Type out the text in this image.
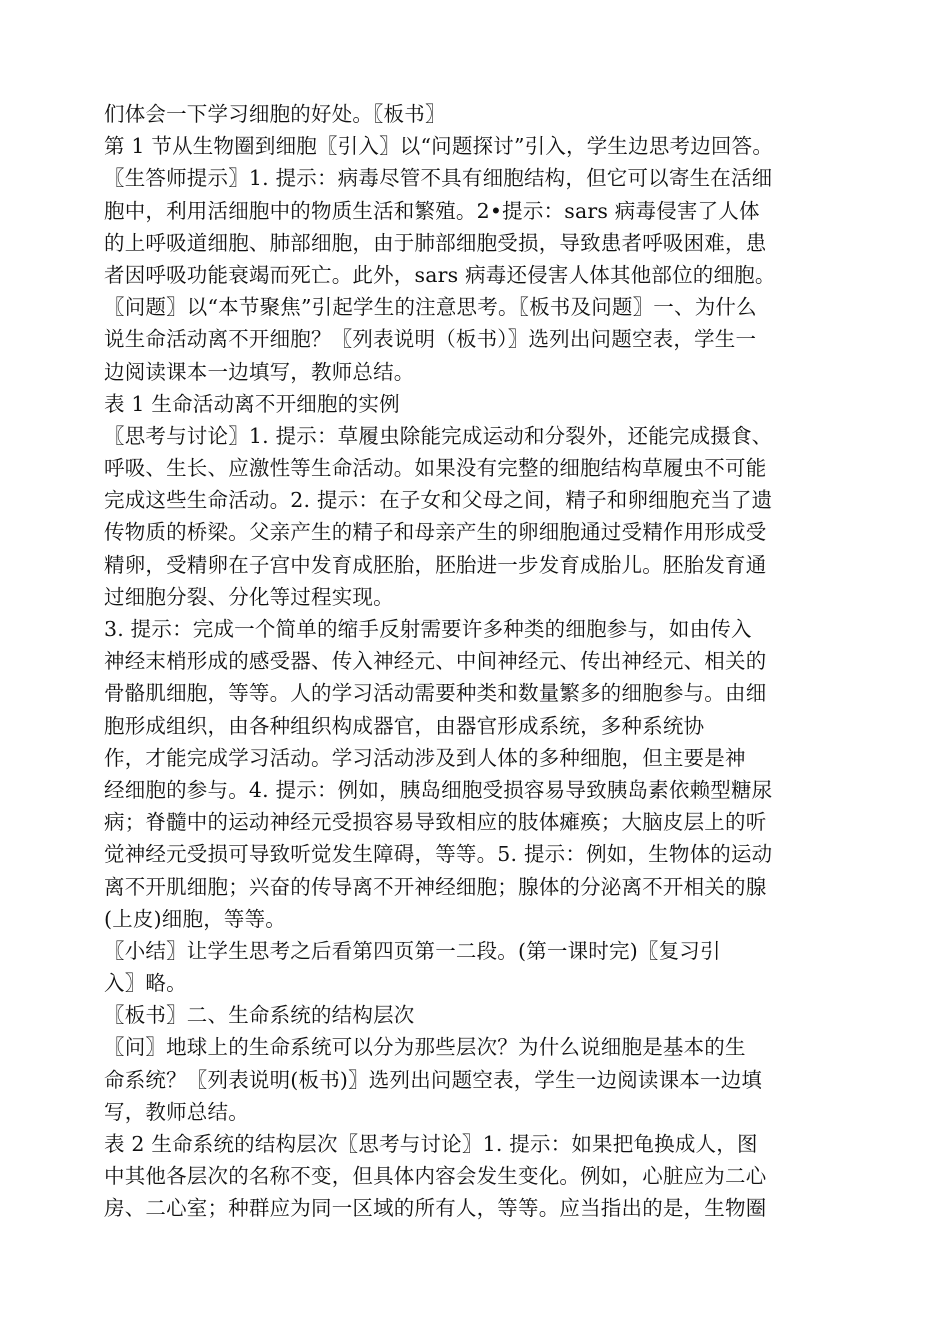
们体会一下学习细胞的好处。〖板书〗
第 1 节从生物圈到细胞〖引入〗以“问题探讨”引入，学生边思考边回答。
〖生答师提示〗1. 提示：病毒尽管不具有细胞结构，但它可以寄生在活细
胞中，利用活细胞中的物质生活和繁殖。2•提示：sars 病毒侵害了人体
的上呼吸道细胞、肺部细胞，由于肺部细胞受损，导致患者呼吸困难，患
者因呼吸功能衰竭而死亡。此外，sars 病毒还侵害人体其他部位的细胞。
〖问题〗以“本节聚焦”引起学生的注意思考。〖板书及问题〗一、为什么
说生命活动离不开细胞？〖列表说明（板书）〗选列出问题空表，学生一
边阅读课本一边填写，教师总结。
表 1 生命活动离不开细胞的实例
〖思考与讨论〗1. 提示：草履虫除能完成运动和分裂外，还能完成摄食、
呼吸、生长、应激性等生命活动。如果没有完整的细胞结构草履虫不可能
完成这些生命活动。2. 提示：在子女和父母之间，精子和卵细胞充当了遗
传物质的桥梁。父亲产生的精子和母亲产生的卵细胞通过受精作用形成受
精卵，受精卵在子宫中发育成胚胎，胚胎进一步发育成胎儿。胚胎发育通
过细胞分裂、分化等过程实现。
3. 提示：完成一个简单的缩手反射需要许多种类的细胞参与，如由传入
神经末梢形成的感受器、传入神经元、中间神经元、传出神经元、相关的
骨骼肌细胞，等等。人的学习活动需要种类和数量繁多的细胞参与。由细
胞形成组织，由各种组织构成器官，由器官形成系统，多种系统协
作，才能完成学习活动。学习活动涉及到人体的多种细胞，但主要是神
经细胞的参与。4. 提示：例如，胰岛细胞受损容易导致胰岛素依赖型糖尿
病；脊髓中的运动神经元受损容易导致相应的肢体瘫痪；大脑皮层上的听
觉神经元受损可导致听觉发生障碍，等等。5. 提示：例如，生物体的运动
离不开肌细胞；兴奋的传导离不开神经细胞；腺体的分泌离不开相关的腺
(上皮)细胞，等等。
〖小结〗让学生思考之后看第四页第一二段。(第一课时完)〖复习引
入〗略。
〖板书〗二、生命系统的结构层次
〖问〗地球上的生命系统可以分为那些层次？为什么说细胞是基本的生
命系统？〖列表说明(板书)〗选列出问题空表，学生一边阅读课本一边填
写，教师总结。
表 2 生命系统的结构层次〖思考与讨论〗1. 提示：如果把龟换成人，图
中其他各层次的名称不变，但具体内容会发生变化。例如，心脏应为二心
房、二心室；种群应为同一区域的所有人，等等。应当指出的是，生物圈
